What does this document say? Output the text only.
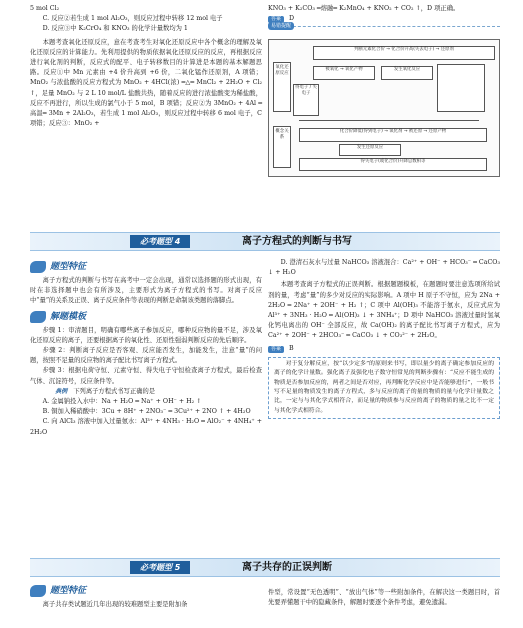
5 mol Cl₂

C. 反应②若生成 1 mol Al₂O₃，则反应过程中转移 12 mol 电子

D. 反应③中 K₂CrO₄ 和 KNO₃ 的化学计量数均为 1

本题考查氧化还原反应，意在考查考生对氧化还原反应中各个概念的理解及氧化还原反应的计算能力。先利用提供的物质依据氧化还原反应的反应，再根据反应进行氧化剂的判断，反应式的配平、电子转移数目的计算进是本题的基本解题思路。反应①中 Mn 元素由 +4 价升高到 +6 价，二氧化锰作还原剂，A 项错；MnO₂ 与浓盐酸的反应方程式为 MnO₂ + 4HCl(浓) ═△═ MnCl₂ + 2H₂O + Cl₂ ↑，足量 MnO₂ 与 2 L 10 mol/L 盐酸共热，随着反应的进行浓盐酸变为稀盐酸，反应不再进行，所以生成的氯气小于 5 mol，B 项错；反应②为 3MnO₂ + 4Al ═高温═ 3Mn + 2Al₂O₃，若生成 1 mol Al₂O₃，则反应过程中转移 6 mol 电子，C 项错；反应③：MnO₂ +

KNO₃ + K₂CO₃ ═熔融═ K₂MnO₄ + KNO₂ + CO₂ ↑，D 项正确。

答案 D

易错提醒
判断元素化合价 → 化合价升高(失去电子) → 还原剂
氧化还原反应
被氧化 → 氧化产物	发生氧化反应
得电子 / 失电子
概念关系
化合价降低(得到电子) → 氧化剂 → 被还原 → 还原产物
发生还原反应
得失电子(或化合价)升降总数相等
必考题型 4	离子方程式的判断与书写
题型特征

离子方程式的判断与书写在高考中一定会出现，通常以选择题的形式出现，有时在非选择题中也会有所涉及，主要形式为离子方程式的书写。对离子反应中“量”的关系及正误、离子反应条件等表现的判断是命制该类题的落脚点。

解题模板

步骤 1：审清题目，明确有哪些离子参加反应，哪种反应物的量不足，涉及氧化还原反应的离子，还要根据离子的氧化性、还原性强弱判断反应的先后顺序。

步骤 2：判断离子反应是否客观、反应能否发生，加能发生，注意“量”的问题，按照不足量的反应物的离子配比书写离子方程式。

步骤 3：根据电荷守恒、元素守恒、得失电子守恒检查离子方程式，最后检查气体、沉淀符号，反应条件等。

典例 下列离子方程式书写正确的是

A. 金属钠投入水中：Na + H₂O ═ Na⁺ + OH⁻ + H₂ ↑

B. 铜加入稀硝酸中：3Cu + 8H⁺ + 2NO₃⁻ ═ 3Cu²⁺ + 2NO ↑ + 4H₂O

C. 向 AlCl₃ 溶液中加入过量氨水：Al³⁺ + 4NH₃ · H₂O ═ AlO₂⁻ + 4NH₄⁺ + 2H₂O

D. 澄清石灰水与过量 NaHCO₃ 溶液混合：Ca²⁺ + OH⁻ + HCO₃⁻ ═ CaCO₃ ↓ + H₂O

本题考查离子方程式的正误判断。根据题题模板，在题题时要注意选项所给试剂的量，考虑“量”的多少对反应的实际影响。A 项中 H 原子不守恒，应为 2Na + 2H₂O ═ 2Na⁺ + 2OH⁻ + H₂ ↑；C 项中 Al(OH)₃ 不能溶于氨水，反应式应为 Al³⁺ + 3NH₃ · H₂O ═ Al(OH)₃ ↓ + 3NH₄⁺；D 项中 NaHCO₃ 溶液过量时氢氧化钙电离出的 OH⁻ 全部反应，故 Ca(OH)₂ 的离子配比书写离子方程式，应为 Ca²⁺ + 2OH⁻ + 2HCO₃⁻ ═ CaCO₃ ↓ + CO₃²⁻ + 2H₂O。

答案 B

对于复分解反应，按“以少定多”的原则来书写，即以量少的离子确定参加反应的离子的化学计量数。强化离子及强化电子数守恒常见的判断步骤有：“反应不能生成的物质是否参加反应的，两者之间是否对应，再判断化学反应中是否能够进行”，一般书写不足量的物质发生的离子方程式，多与反应的离子的量的物质的量与化学计量数之比，一定与与其化学式相符合，而足量的物质参与反应的离子的物质的量之比不一定与其化学式相符合。

必考题型 5	离子共存的正误判断
题型特征

离子共存类试题近几年出现的较难题型主要是附加条

件型，常设置“无色透明”、“放出气体”等一些附加条件，在解决这一类题目时，首先要弄懂题干中的隐藏条件，解题时要逐个条件考虑，避免遗漏。
